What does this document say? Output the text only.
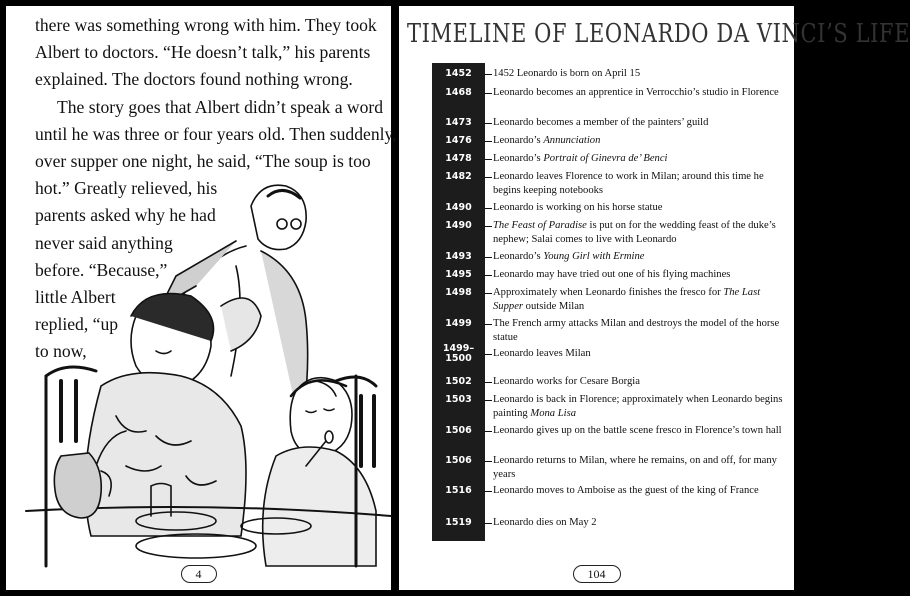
there was something wrong with him. They took
Albert to doctors. “He doesn’t talk,” his parents
explained. The doctors found nothing wrong.

The story goes that Albert didn’t speak a word
until he was three or four years old. Then suddenly,
over supper one night, he said, “The soup is too
hot.” Greatly relieved, his
parents asked why he had
never said anything
before. “Because,”
little Albert
replied, “up
to now,

4
TIMELINE OF LEONARDO DA VINCI’S LIFE
1452	1452 Leonardo is born on April 15
1468	Leonardo becomes an apprentice in Verrocchio’s studio in Florence
1473	Leonardo becomes a member of the painters’ guild
1476	Leonardo’s Annunciation
1478	Leonardo’s Portrait of Ginevra de’ Benci
1482	Leonardo leaves Florence to work in Milan; around this time he begins keeping notebooks
1490	Leonardo is working on his horse statue
1490	The Feast of Paradise is put on for the wedding feast of the duke’s nephew; Salai comes to live with Leonardo
1493	Leonardo’s Young Girl with Ermine
1495	Leonardo may have tried out one of his flying machines
1498	Approximately when Leonardo finishes the fresco for The Last Supper outside Milan
1499	The French army attacks Milan and destroys the model of the horse statue
1499–
1500	Leonardo leaves Milan
1502	Leonardo works for Cesare Borgia
1503	Leonardo is back in Florence; approximately when Leonardo begins painting Mona Lisa
1506	Leonardo gives up on the battle scene fresco in Florence’s town hall
1506	Leonardo returns to Milan, where he remains, on and off, for many years
1516	Leonardo moves to Amboise as the guest of the king of France
1519	Leonardo dies on May 2
104
